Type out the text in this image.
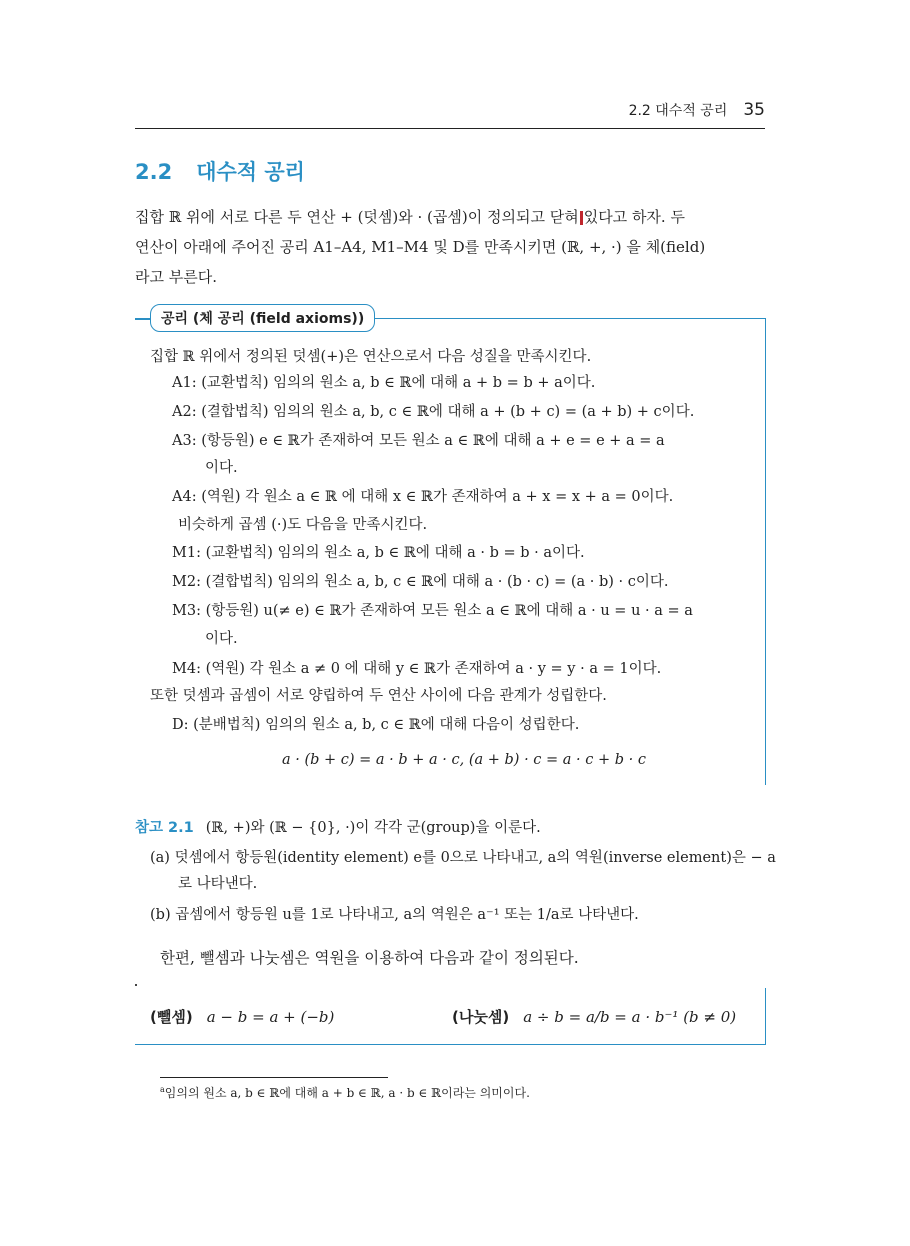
2.2 대수적 공리 35
2.2 대수적 공리
집합 ℝ 위에 서로 다른 두 연산 + (덧셈)와 · (곱셈)이 정의되고 닫혀 있다고 하자. 두
연산이 아래에 주어진 공리 A1–A4, M1–M4 및 D를 만족시키면 (ℝ, +, ·) 을 체(field)
라고 부른다.
공리 (체 공리 (field axioms))
집합 ℝ 위에서 정의된 덧셈(+)은 연산으로서 다음 성질을 만족시킨다.
A1: (교환법칙) 임의의 원소 a, b ∈ ℝ에 대해 a + b = b + a이다.
A2: (결합법칙) 임의의 원소 a, b, c ∈ ℝ에 대해 a + (b + c) = (a + b) + c이다.
A3: (항등원) e ∈ ℝ가 존재하여 모든 원소 a ∈ ℝ에 대해 a + e = e + a = a
이다.
A4: (역원) 각 원소 a ∈ ℝ 에 대해 x ∈ ℝ가 존재하여 a + x = x + a = 0이다.
비슷하게 곱셈 (·)도 다음을 만족시킨다.
M1: (교환법칙) 임의의 원소 a, b ∈ ℝ에 대해 a · b = b · a이다.
M2: (결합법칙) 임의의 원소 a, b, c ∈ ℝ에 대해 a · (b · c) = (a · b) · c이다.
M3: (항등원) u(≠ e) ∈ ℝ가 존재하여 모든 원소 a ∈ ℝ에 대해 a · u = u · a = a
이다.
M4: (역원) 각 원소 a ≠ 0 에 대해 y ∈ ℝ가 존재하여 a · y = y · a = 1이다.
또한 덧셈과 곱셈이 서로 양립하여 두 연산 사이에 다음 관계가 성립한다.
D: (분배법칙) 임의의 원소 a, b, c ∈ ℝ에 대해 다음이 성립한다.
a · (b + c) = a · b + a · c, (a + b) · c = a · c + b · c
참고 2.1 (ℝ, +)와 (ℝ − {0}, ·)이 각각 군(group)을 이룬다.
(a) 덧셈에서 항등원(identity element) e를 0으로 나타내고, a의 역원(inverse element)은 − a
로 나타낸다.
(b) 곱셈에서 항등원 u를 1로 나타내고, a의 역원은 a⁻¹ 또는 1/a로 나타낸다.
한편, 뺄셈과 나눗셈은 역원을 이용하여 다음과 같이 정의된다.
(뺄셈) a − b = a + (−b)	(나눗셈) a ÷ b = a/b = a · b⁻¹ (b ≠ 0)
$^a$임의의 원소 a, b ∈ ℝ에 대해 a + b ∈ ℝ, a · b ∈ ℝ이라는 의미이다.
